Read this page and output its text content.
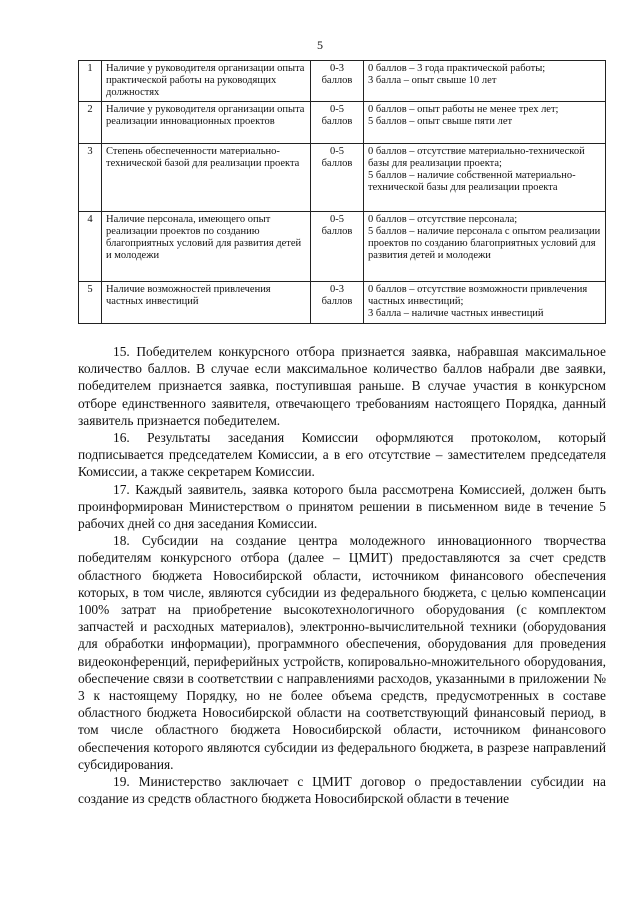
5
1	Наличие у руководителя организации опыта практической работы на руководящих должностях	0-3
баллов	0 баллов – 3 года практической работы;
3 балла – опыт свыше 10 лет

2	Наличие у руководителя организации опыта реализации инновационных проектов	0-5
баллов	0 баллов – опыт работы не менее трех лет;
5 баллов – опыт свыше пяти лет

3	Степень обеспеченности материально-технической базой для реализации проекта	0-5
баллов	0 баллов – отсутствие материально-технической базы для реализации проекта;
5 баллов – наличие собственной материально-технической базы для реализации проекта

4	Наличие персонала, имеющего опыт реализации проектов по созданию благоприятных условий для развития детей и молодежи	0-5
баллов	0 баллов – отсутствие персонала;
5 баллов – наличие персонала с опытом реализации проектов по созданию благоприятных условий для развития детей и молодежи

5	Наличие возможностей привлечения частных инвестиций	0-3
баллов	0 баллов – отсутствие возможности привлечения частных инвестиций;
3 балла – наличие частных инвестиций

15. Победителем конкурсного отбора признается заявка, набравшая максимальное количество баллов. В случае если максимальное количество баллов набрали две заявки, победителем признается заявка, поступившая раньше. В случае участия в конкурсном отборе единственного заявителя, отвечающего требованиям настоящего Порядка, данный заявитель признается победителем.

16. Результаты заседания Комиссии оформляются протоколом, который подписывается председателем Комиссии, а в его отсутствие – заместителем председателя Комиссии, а также секретарем Комиссии.

17. Каждый заявитель, заявка которого была рассмотрена Комиссией, должен быть проинформирован Министерством о принятом решении в письменном виде в течение 5 рабочих дней со дня заседания Комиссии.

18. Субсидии на создание центра молодежного инновационного творчества победителям конкурсного отбора (далее – ЦМИТ) предоставляются за счет средств областного бюджета Новосибирской области, источником финансового обеспечения которых, в том числе, являются субсидии из федерального бюджета, с целью компенсации 100% затрат на приобретение высокотехнологичного оборудования (с комплектом запчастей и расходных материалов), электронно-вычислительной техники (оборудования для обработки информации), программного обеспечения, оборудования для проведения видеоконференций, периферийных устройств, копировально-множительного оборудования, обеспечение связи в соответствии с направлениями расходов, указанными в приложении № 3 к настоящему Порядку, но не более объема средств, предусмотренных в составе областного бюджета Новосибирской области на соответствующий финансовый период, в том числе областного бюджета Новосибирской области, источником финансового обеспечения которого являются субсидии из федерального бюджета, в разрезе направлений субсидирования.

19. Министерство заключает с ЦМИТ договор о предоставлении субсидии на создание из средств областного бюджета Новосибирской области в течение
